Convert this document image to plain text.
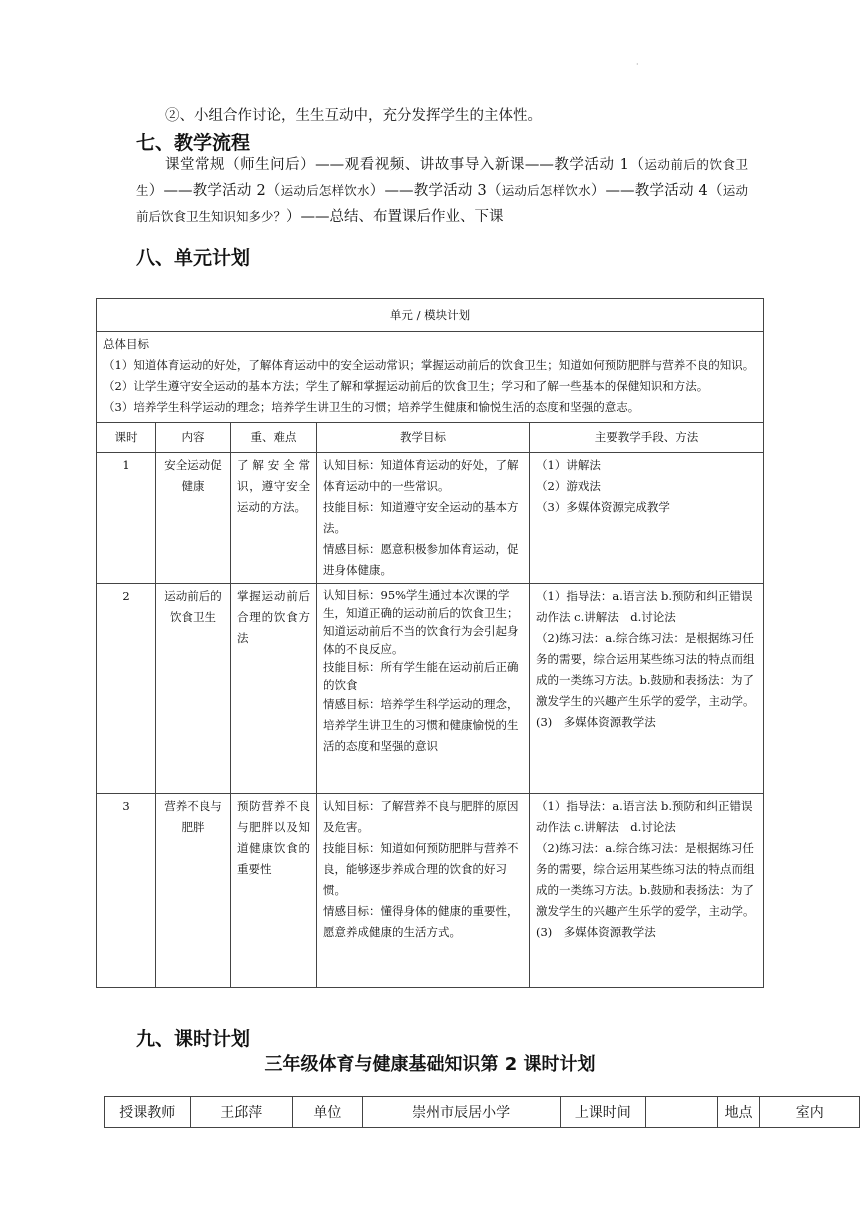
·
②、小组合作讨论，生生互动中，充分发挥学生的主体性。
七、教学流程
课堂常规（师生问后）——观看视频、讲故事导入新课——教学活动 1（运动前后的饮食卫生）——教学活动 2（运动后怎样饮水）——教学活动 3（运动后怎样饮水）——教学活动 4（运动前后饮食卫生知识知多少？）——总结、布置课后作业、下课
八、单元计划
单元 / 模块计划				

总体目标
（1）知道体育运动的好处，了解体育运动中的安全运动常识；掌握运动前后的饮食卫生；知道如何预防肥胖与营养不良的知识。
（2）让学生遵守安全运动的基本方法；学生了解和掌握运动前后的饮食卫生；学习和了解一些基本的保健知识和方法。
（3）培养学生科学运动的理念；培养学生讲卫生的习惯；培养学生健康和愉悦生活的态度和坚强的意志。				

课时	内容	重、难点	教学目标	主要教学手段、方法
1	安全运动促健康	了解安全常识，遵守安全运动的方法。	认知目标：知道体育运动的好处，了解体育运动中的一些常识。
技能目标：知道遵守安全运动的基本方法。
情感目标：愿意积极参加体育运动，促进身体健康。	（1）讲解法
（2）游戏法
（3）多媒体资源完成教学

2	运动前后的饮食卫生	掌握运动前后合理的饮食方法	认知目标：95%学生通过本次课的学生，知道正确的运动前后的饮食卫生；知道运动前后不当的饮食行为会引起身体的不良反应。
技能目标：所有学生能在运动前后正确的饮食
情感目标：培养学生科学运动的理念，培养学生讲卫生的习惯和健康愉悦的生活的态度和坚强的意识	（1）指导法：a.语言法 b.预防和纠正错误动作法 c.讲解法　d.讨论法
（2)练习法：a.综合练习法：是根据练习任务的需要，综合运用某些练习法的特点而组成的一类练习方法。b.鼓励和表扬法：为了激发学生的兴趣产生乐学的爱学，主动学。
(3)　多媒体资源教学法

3	营养不良与肥胖	预防营养不良与肥胖以及知道健康饮食的重要性	认知目标：了解营养不良与肥胖的原因及危害。
技能目标：知道如何预防肥胖与营养不良，能够逐步养成合理的饮食的好习惯。
情感目标：懂得身体的健康的重要性，愿意养成健康的生活方式。	（1）指导法：a.语言法 b.预防和纠正错误动作法 c.讲解法　d.讨论法
（2)练习法：a.综合练习法：是根据练习任务的需要，综合运用某些练习法的特点而组成的一类练习方法。b.鼓励和表扬法：为了激发学生的兴趣产生乐学的爱学，主动学。
(3)　多媒体资源教学法
九、课时计划
三年级体育与健康基础知识第 2 课时计划
授课教师	王邱萍	单位	崇州市辰居小学	上课时间		地点	室内
